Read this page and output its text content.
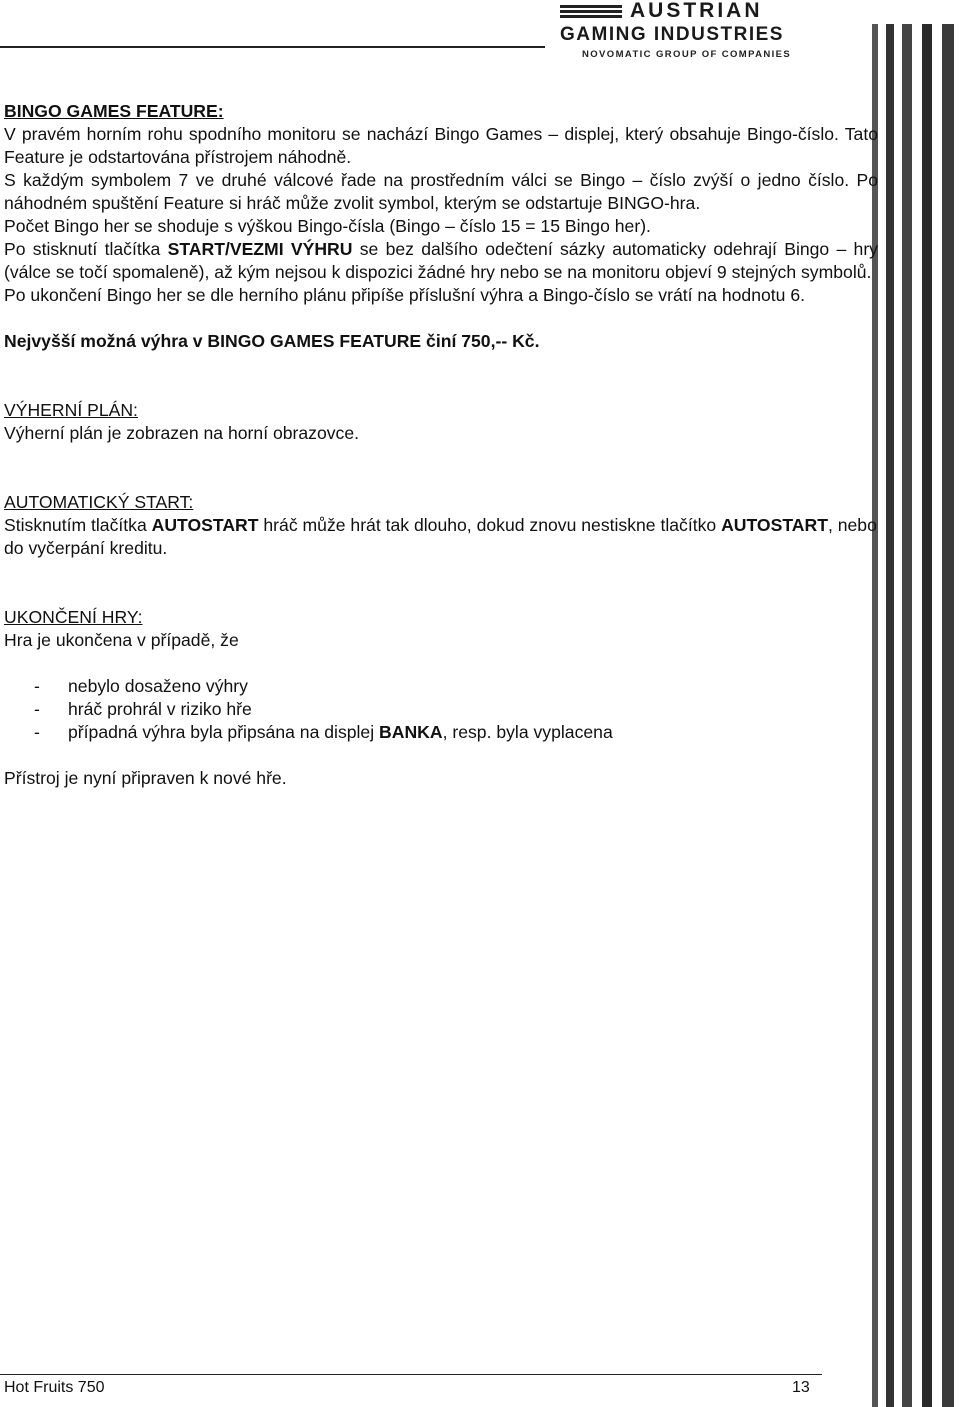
AUSTRIAN
GAMING INDUSTRIES
NOVOMATIC GROUP OF COMPANIES

BINGO GAMES FEATURE:

V pravém horním rohu spodního monitoru se nachází Bingo Games – displej, který obsahuje Bingo-číslo. Tato Feature je odstartována přístrojem náhodně.

S každým symbolem 7 ve druhé válcové řade na prostředním válci se Bingo – číslo zvýší o jedno číslo. Po náhodném spuštění Feature si hráč může zvolit symbol, kterým se odstartuje BINGO-hra.

Počet Bingo her se shoduje s výškou Bingo-čísla (Bingo – číslo 15 = 15 Bingo her).

Po stisknutí tlačítka START/VEZMI VÝHRU se bez dalšího odečtení sázky automaticky odehrají Bingo – hry (válce se točí spomaleně), až kým nejsou k dispozici žádné hry nebo se na monitoru objeví 9 stejných symbolů.

Po ukončení Bingo her se dle herního plánu připíše příslušní výhra a Bingo-číslo se vrátí na hodnotu 6.

Nejvyšší možná výhra v BINGO GAMES FEATURE činí 750,-- Kč.

VÝHERNÍ PLÁN:

Výherní plán je zobrazen na horní obrazovce.

AUTOMATICKÝ START:

Stisknutím tlačítka AUTOSTART hráč může hrát tak dlouho, dokud znovu nestiskne tlačítko AUTOSTART, nebo do vyčerpání kreditu.

UKONČENÍ HRY:

Hra je ukončena v případě, že

- nebylo dosaženo výhry
- hráč prohrál v riziko hře
- případná výhra byla připsána na displej BANKA, resp. byla vyplacena

Přístroj je nyní připraven k nové hře.

Hot Fruits 750	13
